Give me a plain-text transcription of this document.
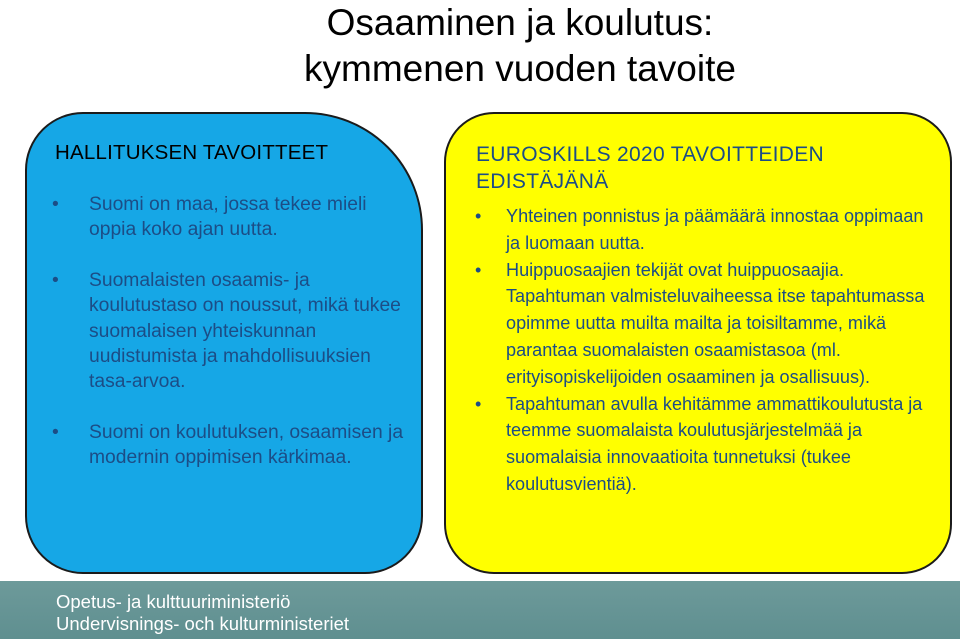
Osaaminen ja koulutus:
kymmenen vuoden tavoite
HALLITUKSEN TAVOITTEET
• Suomi on maa, jossa tekee mieli oppia koko ajan uutta.
• Suomalaisten osaamis- ja koulutustaso on noussut, mikä tukee suomalaisen yhteiskunnan uudistumista ja mahdollisuuksien tasa-arvoa.
• Suomi on koulutuksen, osaamisen ja modernin oppimisen kärkimaa.
EUROSKILLS 2020 TAVOITTEIDEN EDISTÄJÄNÄ
• Yhteinen ponnistus ja päämäärä innostaa oppimaan ja luomaan uutta.
• Huippuosaajien tekijät ovat huippuosaajia. Tapahtuman valmisteluvaiheessa itse tapahtumassa opimme uutta muilta mailta ja toisiltamme, mikä parantaa suomalaisten osaamistasoa (ml. erityisopiskelijoiden osaaminen ja osallisuus).
• Tapahtuman avulla kehitämme ammattikoulutusta ja teemme suomalaista koulutusjärjestelmää ja suomalaisia innovaatioita tunnetuksi (tukee koulutusvientiä).
Opetus- ja kulttuuriministeriö
Undervisnings- och kulturministeriet
